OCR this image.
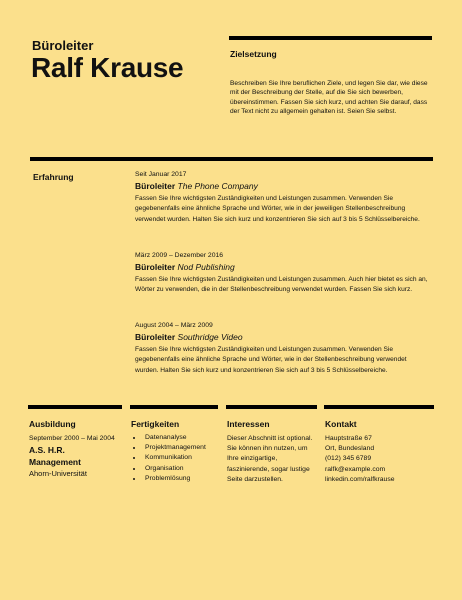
Büroleiter
Ralf Krause	Zielsetzung
Beschreiben Sie Ihre beruflichen Ziele, und legen Sie dar, wie diese mit der Beschreibung der Stelle, auf die Sie sich bewerben, übereinstimmen. Fassen Sie sich kurz, und achten Sie darauf, dass der Text nicht zu allgemein gehalten ist. Seien Sie selbst.
Erfahrung	Seit Januar 2017
Büroleiter The Phone Company
Fassen Sie Ihre wichtigsten Zuständigkeiten und Leistungen zusammen. Verwenden Sie gegebenenfalls eine ähnliche Sprache und Wörter, wie in der jeweiligen Stellenbeschreibung verwendet wurden. Halten Sie sich kurz und konzentrieren Sie sich auf 3 bis 5 Schlüsselbereiche.
März 2009 – Dezember 2016
Büroleiter Nod Publishing
Fassen Sie Ihre wichtigsten Zuständigkeiten und Leistungen zusammen. Auch hier bietet es sich an, Wörter zu verwenden, die in der Stellenbeschreibung verwendet wurden. Fassen Sie sich kurz.
August 2004 – März 2009
Büroleiter Southridge Video
Fassen Sie Ihre wichtigsten Zuständigkeiten und Leistungen zusammen. Verwenden Sie gegebenenfalls eine ähnliche Sprache und Wörter, wie in der Stellenbeschreibung verwendet wurden. Halten Sie sich kurz und konzentrieren Sie sich auf 3 bis 5 Schlüsselbereiche.
Ausbildung
September 2000 – Mai 2004
A.S. H.R. Management
Ahorn-Universität
Fertigkeiten
• Datenanalyse
• Projektmanagement
• Kommunikation
• Organisation
• Problemlösung
Interessen
Dieser Abschnitt ist optional. Sie können ihn nutzen, um Ihre einzigartige, faszinierende, sogar lustige Seite darzustellen.
Kontakt
Hauptstraße 67
Ort, Bundesland
(012) 345 6789
ralfk@example.com
linkedin.com/ralfkrause
